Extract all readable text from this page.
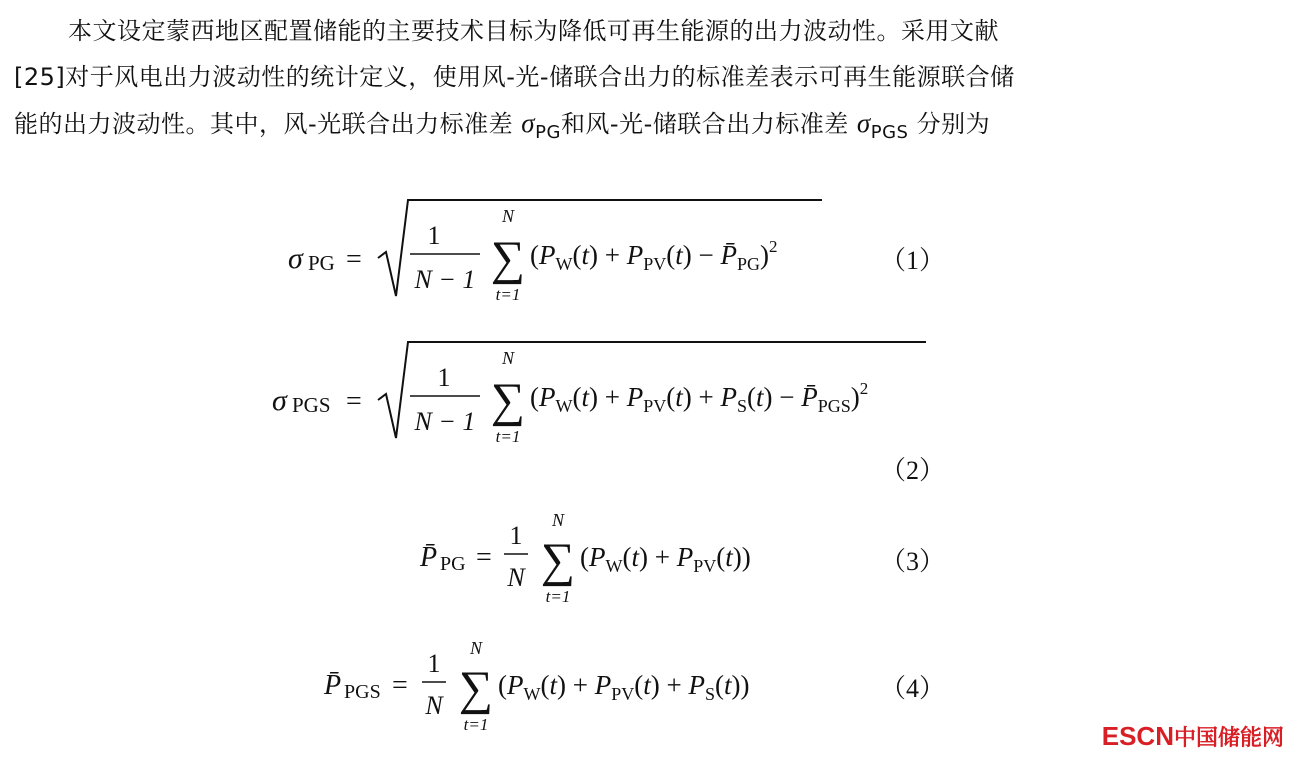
本文设定蒙西地区配置储能的主要技术目标为降低可再生能源的出力波动性。采用文献
[25]对于风电出力波动性的统计定义，使用风-光-储联合出力的标准差表示可再生能源联合储
能的出力波动性。其中，风-光联合出力标准差 $\sigma_{PG}$和风-光-储联合出力标准差 $\sigma_{PGS}$ 分别为
σ PG =
1
N − 1
N
∑
t=1
($P_W(t) + P_{PV}(t)$ − $P̄_{PG})^2$	（1）
σ PGS =
1
N − 1
N
∑
t=1
($P_W(t) + P_{PV}(t) + P_S(t)$ − $P̄_{PGS})^2$
（2）
P̄ PG =
1
N
N
∑
t=1
$(P_W(t) + P_{PV}(t))$	（3）
P̄ PGS =
1
N
N
∑
t=1
$(P_W(t) + P_{PV}(t) + P_S(t))$	（4）
ESCN中国储能网
